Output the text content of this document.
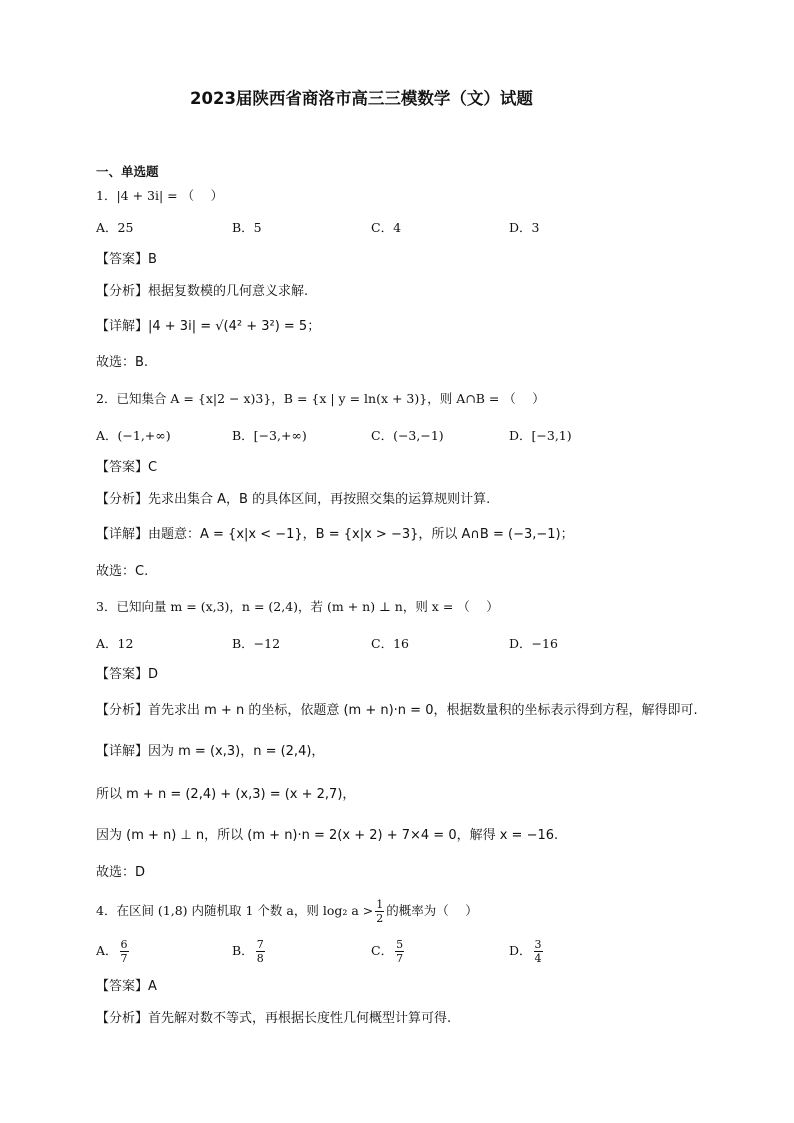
2023届陕西省商洛市高三三模数学（文）试题
一、单选题
1．|4 + 3i| = （　 ）
A．25	B．5	C．4	D．3
【答案】B
【分析】根据复数模的几何意义求解.
【详解】|4 + 3i| = √(4² + 3²) = 5；
故选：B.
2．已知集合 A = {x|2 − x)3}，B = {x | y = ln(x + 3)}，则 A∩B = （　 ）
A．(−1,+∞)	B．[−3,+∞)	C．(−3,−1)	D．[−3,1)
【答案】C
【分析】先求出集合 A，B 的具体区间，再按照交集的运算规则计算.
【详解】由题意：A = {x|x < −1}，B = {x|x > −3}，所以 A∩B = (−3,−1)；
故选：C.
3．已知向量 m = (x,3)，n = (2,4)，若 (m + n) ⊥ n，则 x = （　 ）
A．12	B．−12	C．16	D．−16
【答案】D
【分析】首先求出 m + n 的坐标，依题意 (m + n)·n = 0，根据数量积的坐标表示得到方程，解得即可.
【详解】因为 m = (x,3)，n = (2,4)，
所以 m + n = (2,4) + (x,3) = (x + 2,7)，
因为 (m + n) ⊥ n，所以 (m + n)·n = 2(x + 2) + 7×4 = 0，解得 x = −16.
故选：D
4．在区间 (1,8) 内随机取 1 个数 a，则 log₂ $a > \frac{1}{2}$ 的概率为（　 ）
A． $\frac{6}{7}$	B． $\frac{7}{8}$	C． $\frac{5}{7}$	D． $\frac{3}{4}$
【答案】A
【分析】首先解对数不等式，再根据长度性几何概型计算可得.
